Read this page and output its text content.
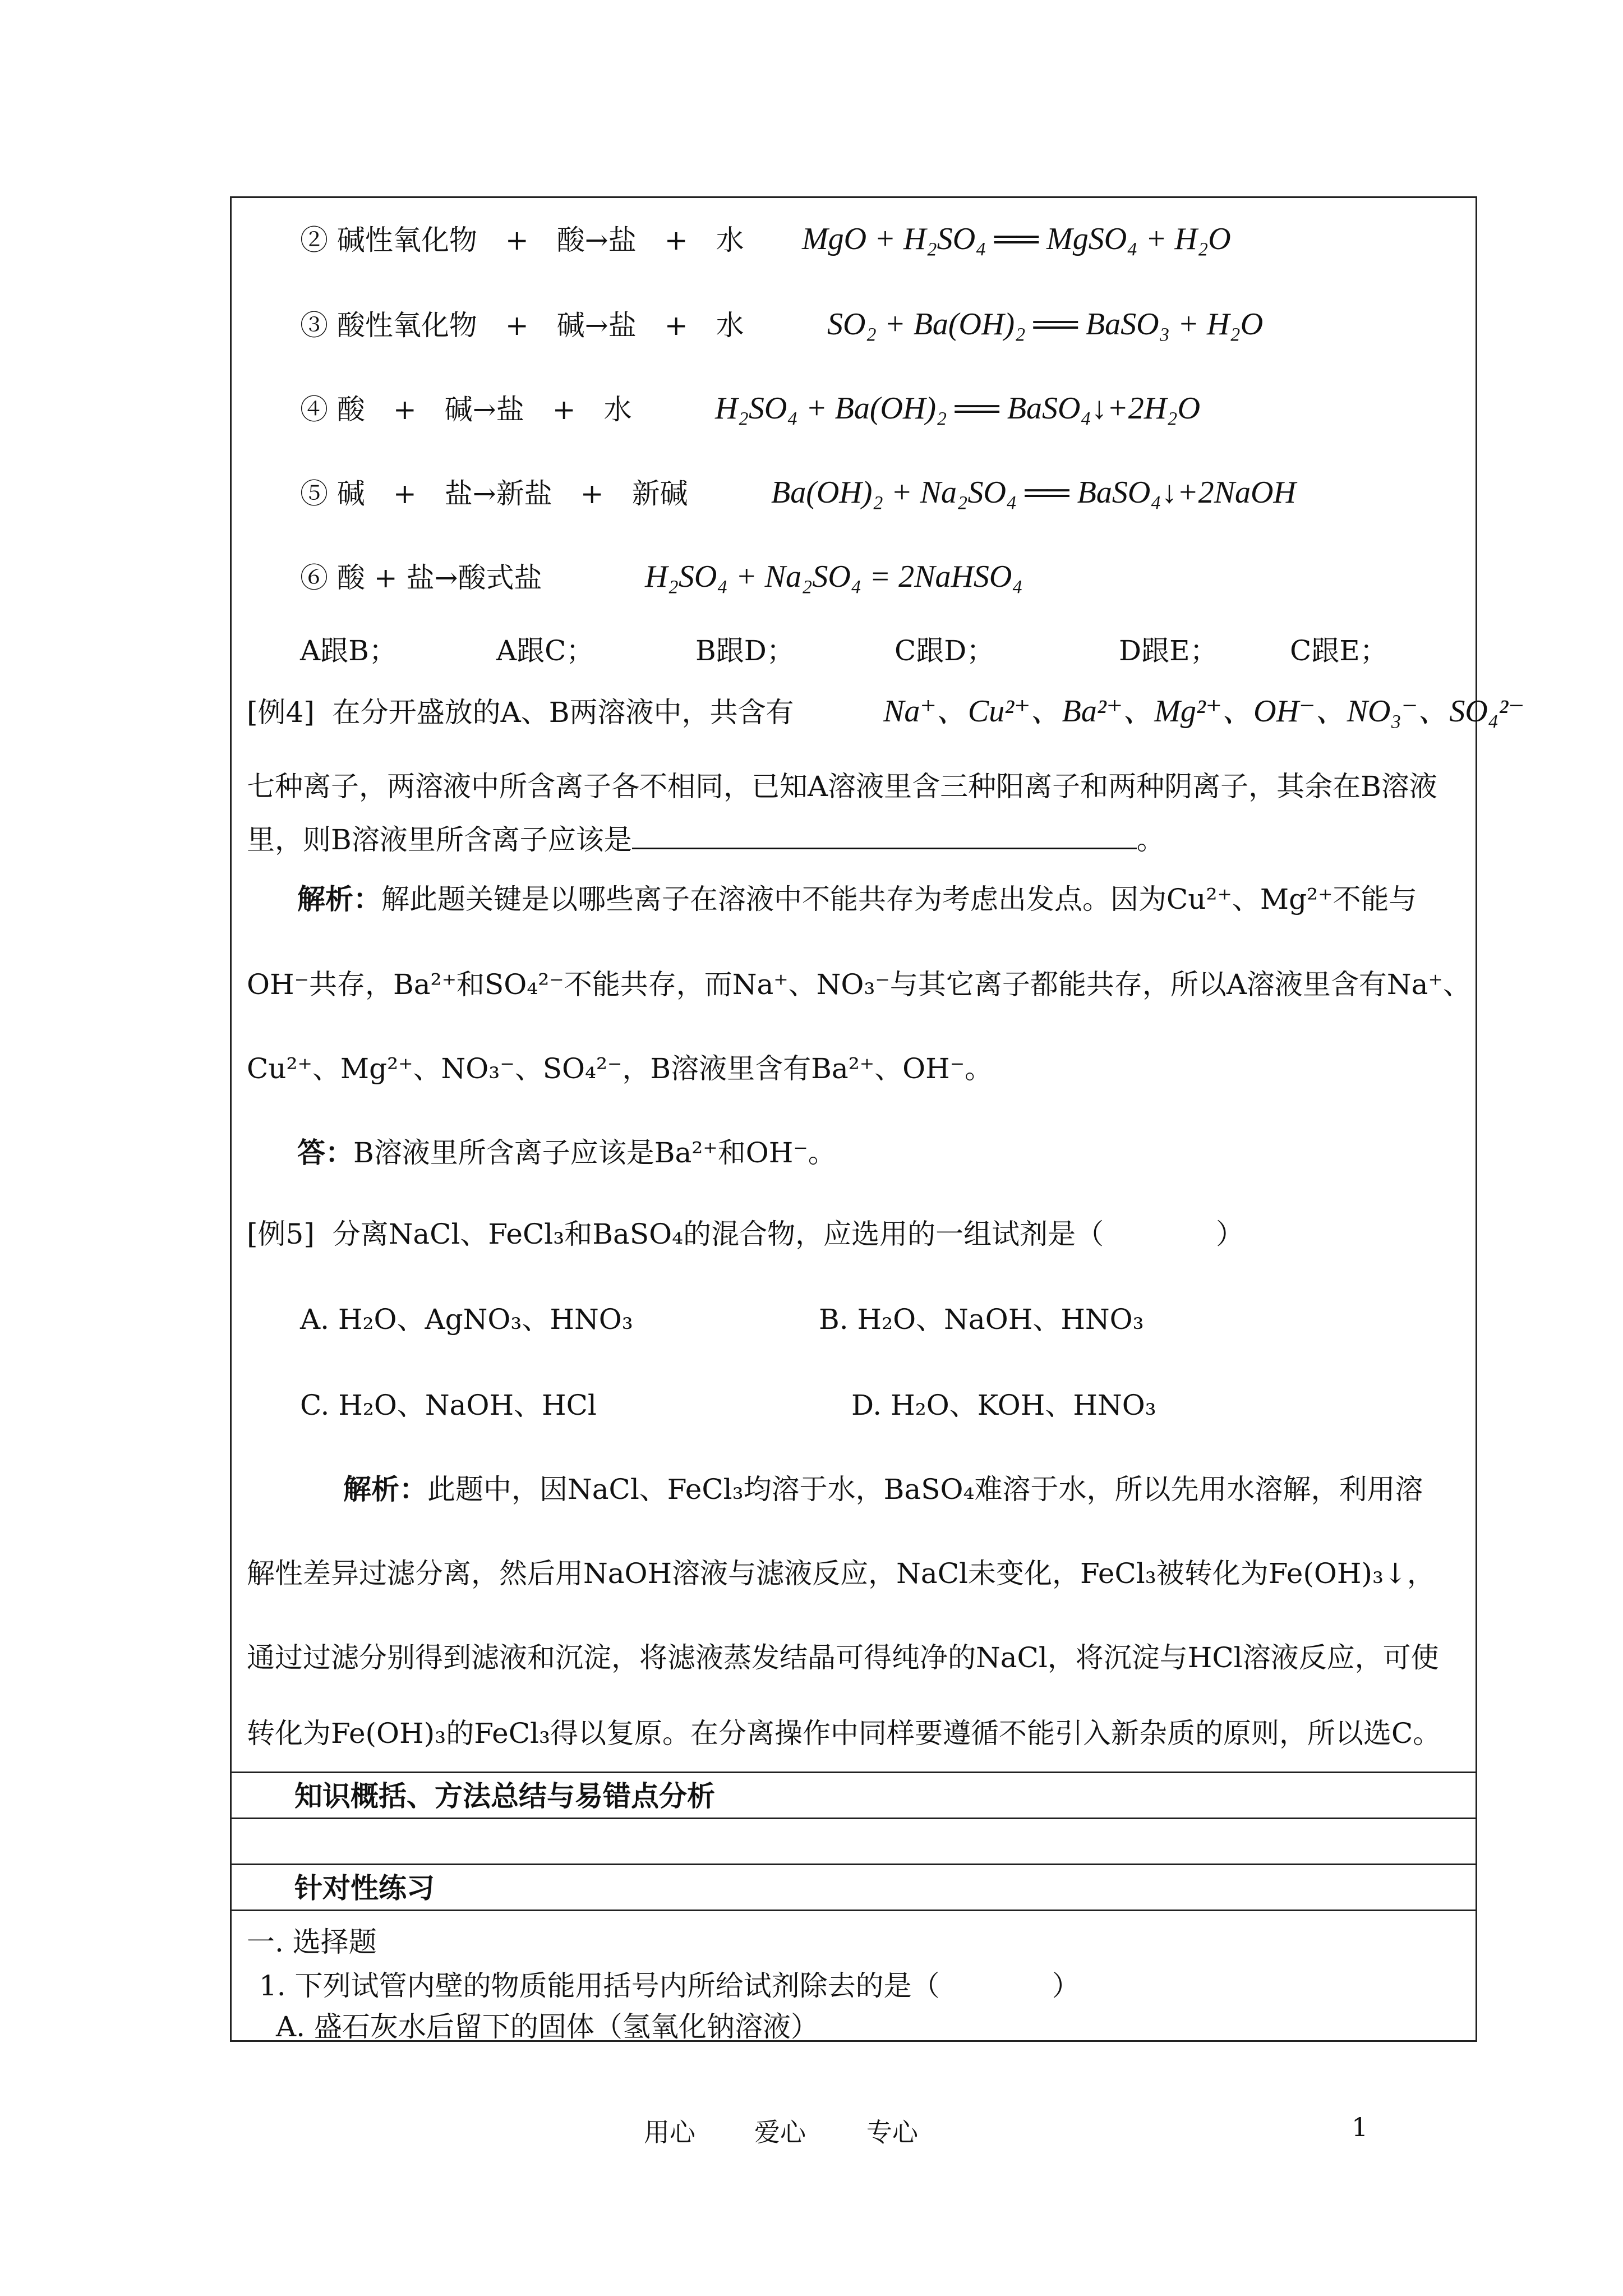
② 碱性氧化物　+　酸→盐　+　水 MgO + H₂SO₄ ══ MgSO₄ + H₂O
③ 酸性氧化物　+　碱→盐　+　水	SO₂ + Ba(OH)₂ ══ BaSO₃ + H₂O
④ 酸　+　碱→盐　+　水	H₂SO₄ + Ba(OH)₂ ══ BaSO₄↓+2H₂O
⑤ 碱　+　盐→新盐　+　新碱	Ba(OH)₂ + Na₂SO₄ ══ BaSO₄↓+2NaOH
⑥ 酸 + 盐→酸式盐	H₂SO₄ + Na₂SO₄ = 2NaHSO₄
A跟B；	A跟C；	B跟D；	C跟D；	D跟E；	C跟E；
[例4] 在分开盛放的A、B两溶液中，共含有	Na⁺、Cu²⁺、Ba²⁺、Mg²⁺、OH⁻、NO₃⁻、SO₄²⁻
七种离子，两溶液中所含离子各不相同，已知A溶液里含三种阳离子和两种阴离子，其余在B溶液
里，则B溶液里所含离子应该是	。
解析：解此题关键是以哪些离子在溶液中不能共存为考虑出发点。因为Cu²⁺、Mg²⁺不能与
OH⁻共存，Ba²⁺和SO₄²⁻不能共存，而Na⁺、NO₃⁻与其它离子都能共存，所以A溶液里含有Na⁺、
Cu²⁺、Mg²⁺、NO₃⁻、SO₄²⁻，B溶液里含有Ba²⁺、OH⁻。
答：B溶液里所含离子应该是Ba²⁺和OH⁻。
[例5] 分离NaCl、FeCl₃和BaSO₄的混合物，应选用的一组试剂是（　　　　）
A. H₂O、AgNO₃、HNO₃	B. H₂O、NaOH、HNO₃
C. H₂O、NaOH、HCl	D. H₂O、KOH、HNO₃
解析：此题中，因NaCl、FeCl₃均溶于水，BaSO₄难溶于水，所以先用水溶解，利用溶
解性差异过滤分离，然后用NaOH溶液与滤液反应，NaCl未变化，FeCl₃被转化为Fe(OH)₃↓，
通过过滤分别得到滤液和沉淀，将滤液蒸发结晶可得纯净的NaCl，将沉淀与HCl溶液反应，可使
转化为Fe(OH)₃的FeCl₃得以复原。在分离操作中同样要遵循不能引入新杂质的原则，所以选C。
知识概括、方法总结与易错点分析
针对性练习
一. 选择题
1. 下列试管内壁的物质能用括号内所给试剂除去的是（　　　　）
A. 盛石灰水后留下的固体（氢氧化钠溶液）
用心 爱心 专心	1
